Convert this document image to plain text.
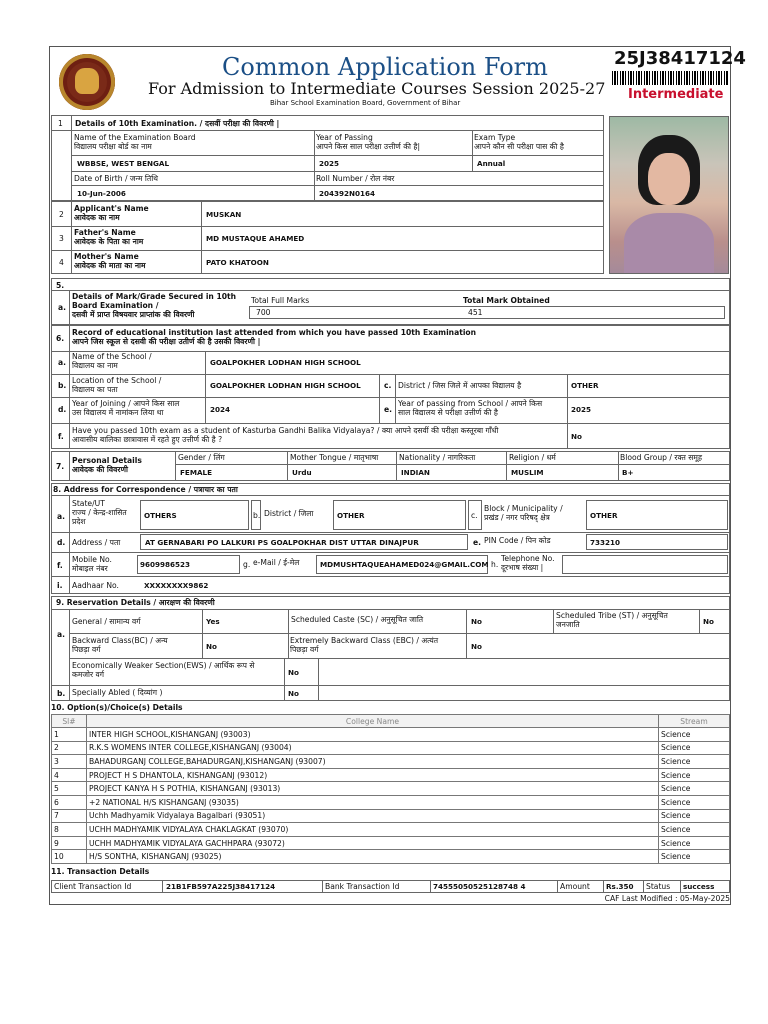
Common Application Form
For Admission to Intermediate Courses Session 2025-27
Bihar School Examination Board, Government of Bihar
25J38417124
Intermediate
1 Details of 10th Examination. / दसवीं परीक्षा की विवरणी |
Name of the Examination Board
विद्यालय परीक्षा बोर्ड का नाम
WBBSE, WEST BENGAL
Year of Passing
आपने किस साल परीक्षा उत्तीर्ण की है|
2025
Exam Type
आपने कौन सी परीक्षा पास की है
Annual
Date of Birth / जन्म तिथि
10-Jun-2006
Roll Number / रोल नंबर
204392N0164
2
Applicant's Name
आवेदक का नाम	MUSKAN
3
Father's Name
आवेदक के पिता का नाम	MD MUSTAQUE AHAMED
4
Mother's Name
आवेदक की माता का नाम	PATO KHATOON
5.
a.
Details of Mark/Grade Secured in 10th
Board Examination /
दसवी में प्राप्त विषयवार प्राप्तांक की विवरणी
Total Full Marks	Total Mark Obtained
700	451
6.
Record of educational institution last attended from which you have passed 10th Examination
आपने जिस स्कूल से दसवी की परीक्षा उतीर्ण की है उसकी विवरणी |
a.
Name of the School /
विद्यालय का नाम	GOALPOKHER LODHAN HIGH SCHOOL
b.
Location of the School /
विद्यालय का पता	GOALPOKHER LODHAN HIGH SCHOOL	c. District / जिस जिले में आपका विद्यालय है	OTHER
d.
Year of Joining / आपने किस साल
उस विद्यालय में नामांकन लिया था	2024	e.
Year of passing from School / आपने किस
साल विद्यालय से परीक्षा उत्तीर्ण की है	2025
f.
Have you passed 10th exam as a student of Kasturba Gandhi Balika Vidyalaya? / क्या आपने दसवीं की परीक्षा कस्तूरबा गाँधी
आवासीय बालिका छात्रावास में रहते हुए उत्तीर्ण की है ?	No
7.
Personal Details
आवेदक की विवरणी
Gender / लिंग
FEMALE
Mother Tongue / मातृभाषा
Urdu
Nationality / नागरिकता
INDIAN
Religion / धर्म
MUSLIM
Blood Group / रक्त समूह
B+
8. Address for Correspondence / पत्राचार का पता
a.
State/UT
राज्य / केन्द्र-शासित
प्रदेश
OTHERS	b. District / जिला	OTHER	c.
Block / Municipality /
प्रखंड / नगर परिषद् क्षेत्र	OTHER
d. Address / पता	AT GERNABARI PO LALKURI PS GOALPOKHAR DIST UTTAR DINAJPUR	e. PIN Code / पिन कोड	733210
f.
Mobile No.
मोबाइल नंबर	9609986523	g. e-Mail / ई-मेल	MDMUSHTAQUEAHAMED024@GMAIL.COM h.
Telephone No.
दूरभाष संख्या |
i. Aadhaar No.	XXXXXXXX9862
9. Reservation Details / आरक्षण की विवरणी
a.
General / सामान्य वर्ग	Yes	Scheduled Caste (SC) / अनुसूचित जाति	No
Scheduled Tribe (ST) / अनुसूचित
जनजाति	No
Backward Class(BC) / अन्य
पिछड़ा वर्ग	No
Extremely Backward Class (EBC) / अत्यंत
पिछड़ा वर्ग	No
Economically Weaker Section(EWS) / आर्थिक रूप से
कमजोर वर्ग	No
b. Specially Abled ( दिव्यांग )	No
10. Option(s)/Choice(s) Details
Sl#	College Name	Stream
1	INTER HIGH SCHOOL,KISHANGANJ (93003)	Science
2	R.K.S WOMENS INTER COLLEGE,KISHANGANJ (93004)	Science
3	BAHADURGANJ COLLEGE,BAHADURGANJ,KISHANGANJ (93007)	Science
4	PROJECT H S DHANTOLA, KISHANGANJ (93012)	Science
5	PROJECT KANYA H S POTHIA, KISHANGANJ (93013)	Science
6	+2 NATIONAL H/S KISHANGANJ (93035)	Science
7	Uchh Madhyamik Vidyalaya Bagalbari (93051)	Science
8	UCHH MADHYAMIK VIDYALAYA CHAKLAGKAT (93070)	Science
9	UCHH MADHYAMIK VIDYALAYA GACHHPARA (93072)	Science
10	H/S SONTHA, KISHANGANJ (93025)	Science
11. Transaction Details
Client Transaction Id	21B1FB597A225J38417124	Bank Transaction Id	74555050525128748 4	Amount Rs.350 Status success
CAF Last Modified : 05-May-2025
